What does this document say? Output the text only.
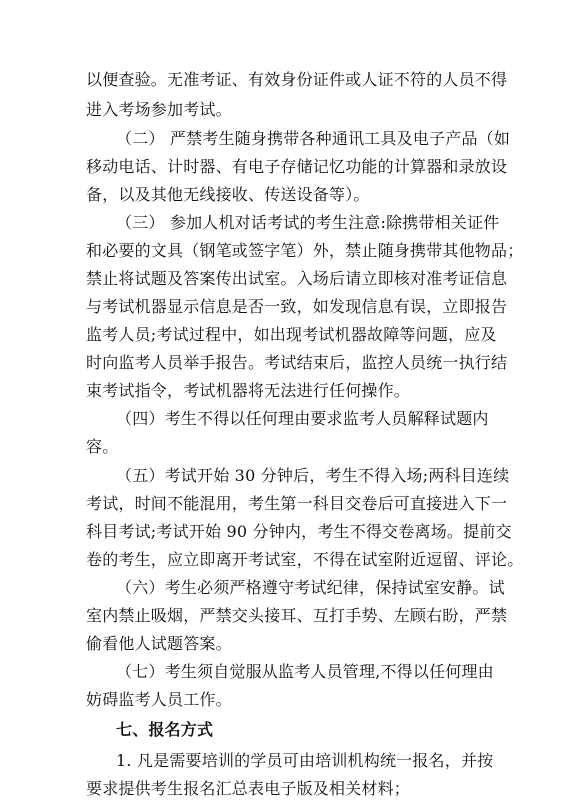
以便查验。无准考证、有效身份证件或人证不符的人员不得
进入考场参加考试。
（二） 严禁考生随身携带各种通讯工具及电子产品（如
移动电话、计时器、有电子存储记忆功能的计算器和录放设
备，以及其他无线接收、传送设备等）。
（三） 参加人机对话考试的考生注意:除携带相关证件
和必要的文具（钢笔或签字笔）外，禁止随身携带其他物品；
禁止将试题及答案传出试室。入场后请立即核对准考证信息
与考试机器显示信息是否一致，如发现信息有误，立即报告
监考人员;考试过程中，如出现考试机器故障等问题，应及
时向监考人员举手报告。考试结束后，监控人员统一执行结
束考试指令，考试机器将无法进行任何操作。
（四）考生不得以任何理由要求监考人员解释试题内
容。
（五）考试开始 30 分钟后，考生不得入场;两科目连续
考试，时间不能混用，考生第一科目交卷后可直接进入下一
科目考试;考试开始 90 分钟内，考生不得交卷离场。提前交
卷的考生，应立即离开考试室，不得在试室附近逗留、评论。
（六）考生必须严格遵守考试纪律，保持试室安静。试
室内禁止吸烟，严禁交头接耳、互打手势、左顾右盼，严禁
偷看他人试题答案。
（七）考生须自觉服从监考人员管理,不得以任何理由
妨碍监考人员工作。
七、报名方式
1. 凡是需要培训的学员可由培训机构统一报名，并按
要求提供考生报名汇总表电子版及相关材料；
